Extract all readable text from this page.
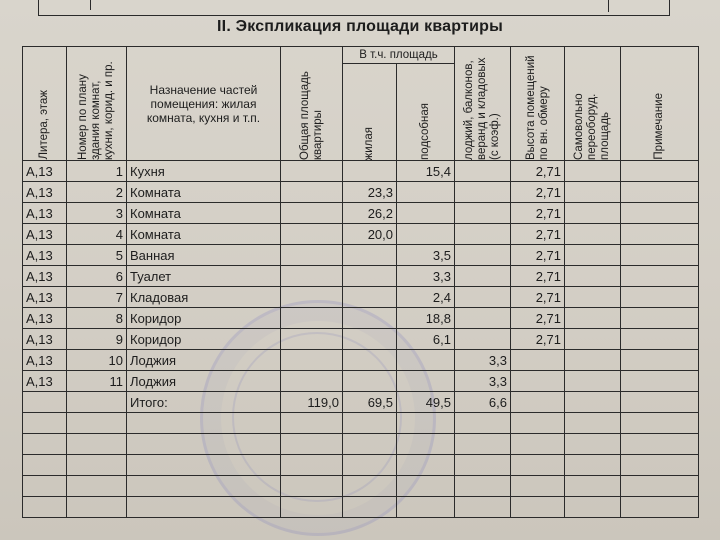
II. Экспликация площади квартиры
Литера, этаж	Номер по плану здания комнат, кухни, корид. и пр.	Назначение частей помещения: жилая комната, кухня и т.п.	Общая площадь квартиры	В т.ч. площадь		лоджий, балконов, веранд и кладовых (с коэф.)	Высота помещений по вн. обмеру	Самовольно переоборуд. площадь	Примечание

				жилая	подсобная				

А,13	1	Кухня			15,4		2,71		
А,13	2	Комната		23,3			2,71		
А,13	3	Комната		26,2			2,71		
А,13	4	Комната		20,0			2,71		
А,13	5	Ванная			3,5		2,71		
А,13	6	Туалет			3,3		2,71		
А,13	7	Кладовая			2,4		2,71		
А,13	8	Коридор			18,8		2,71		
А,13	9	Коридор			6,1		2,71		
А,13	10	Лоджия				3,3			
А,13	11	Лоджия				3,3			
		Итого:	119,0	69,5	49,5	6,6			
